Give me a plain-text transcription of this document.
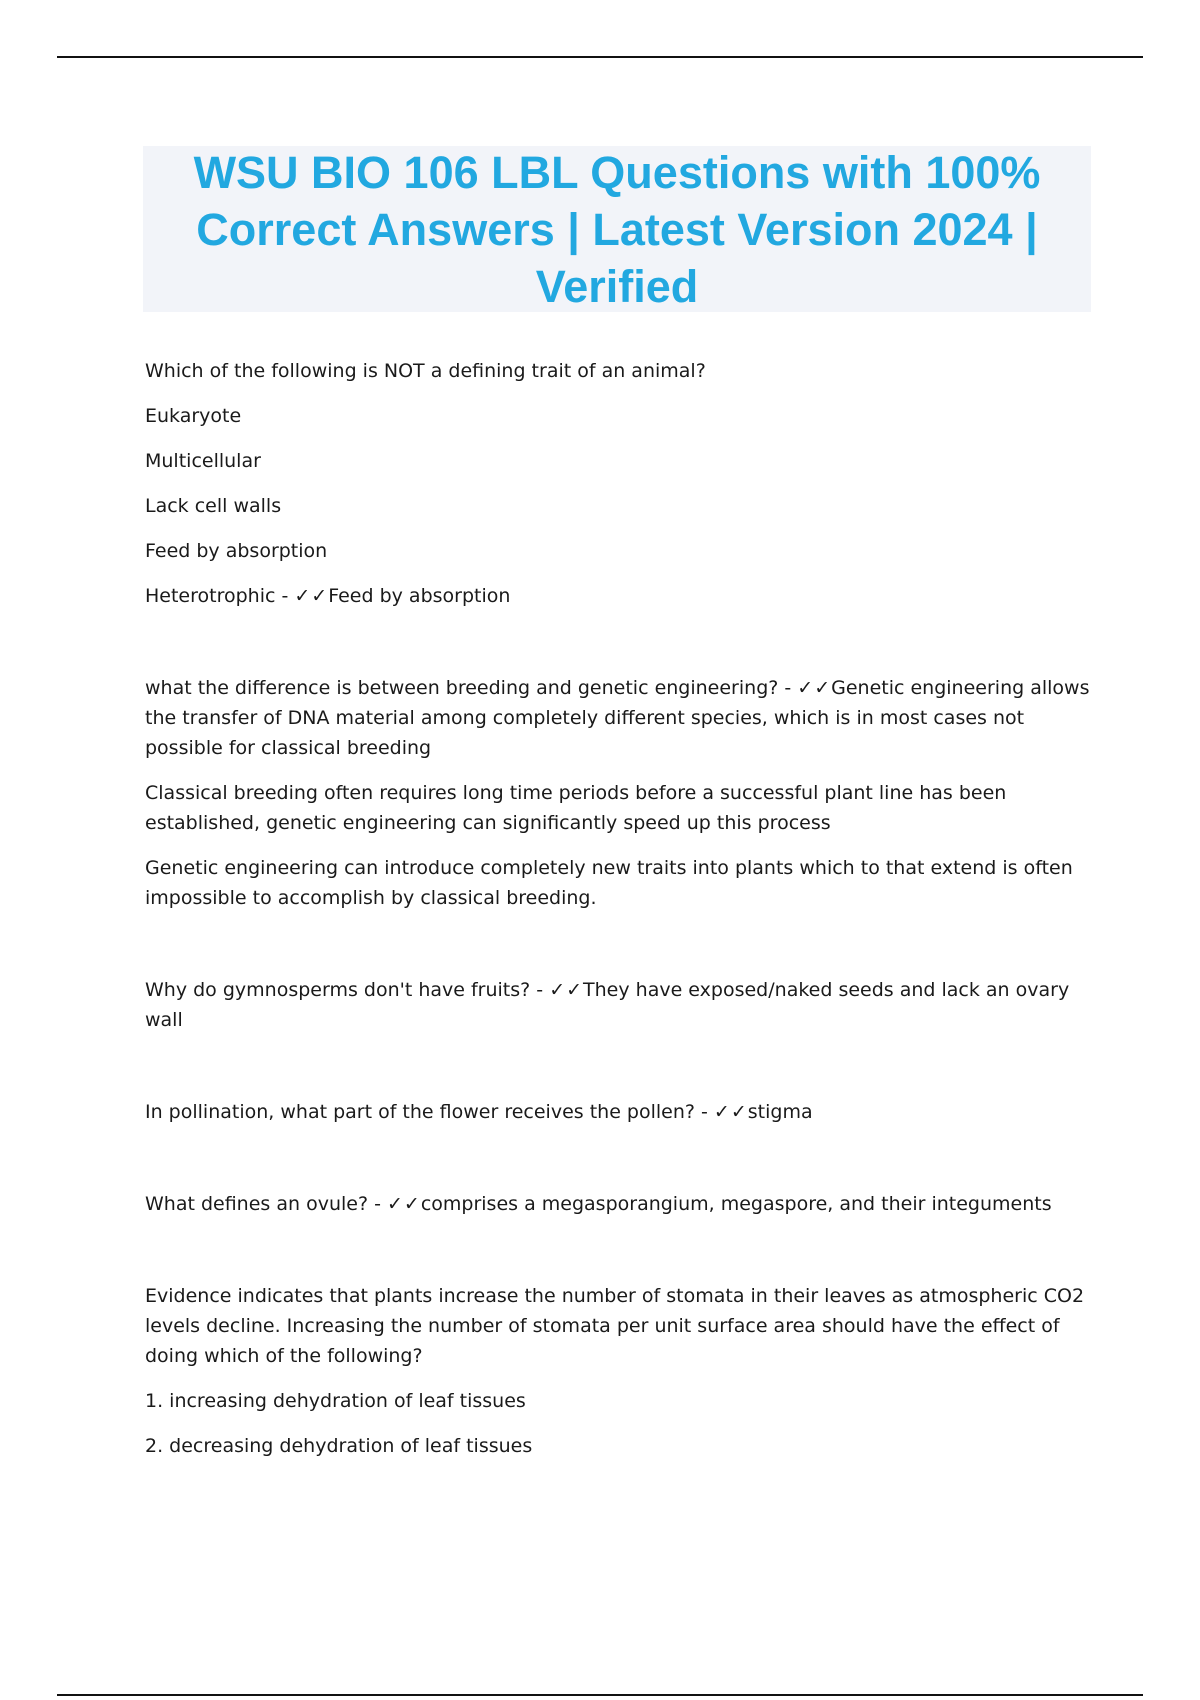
WSU BIO 106 LBL Questions with 100% Correct Answers | Latest Version 2024 | Verified

Which of the following is NOT a defining trait of an animal?

Eukaryote

Multicellular

Lack cell walls

Feed by absorption

Heterotrophic - ✓✓Feed by absorption

what the difference is between breeding and genetic engineering? - ✓✓Genetic engineering allows the transfer of DNA material among completely different species, which is in most cases not possible for classical breeding

Classical breeding often requires long time periods before a successful plant line has been established, genetic engineering can significantly speed up this process

Genetic engineering can introduce completely new traits into plants which to that extend is often impossible to accomplish by classical breeding.

Why do gymnosperms don't have fruits? - ✓✓They have exposed/naked seeds and lack an ovary wall

In pollination, what part of the flower receives the pollen? - ✓✓stigma

What defines an ovule? - ✓✓comprises a megasporangium, megaspore, and their integuments

Evidence indicates that plants increase the number of stomata in their leaves as atmospheric CO2 levels decline. Increasing the number of stomata per unit surface area should have the effect of doing which of the following?

1. increasing dehydration of leaf tissues

2. decreasing dehydration of leaf tissues
